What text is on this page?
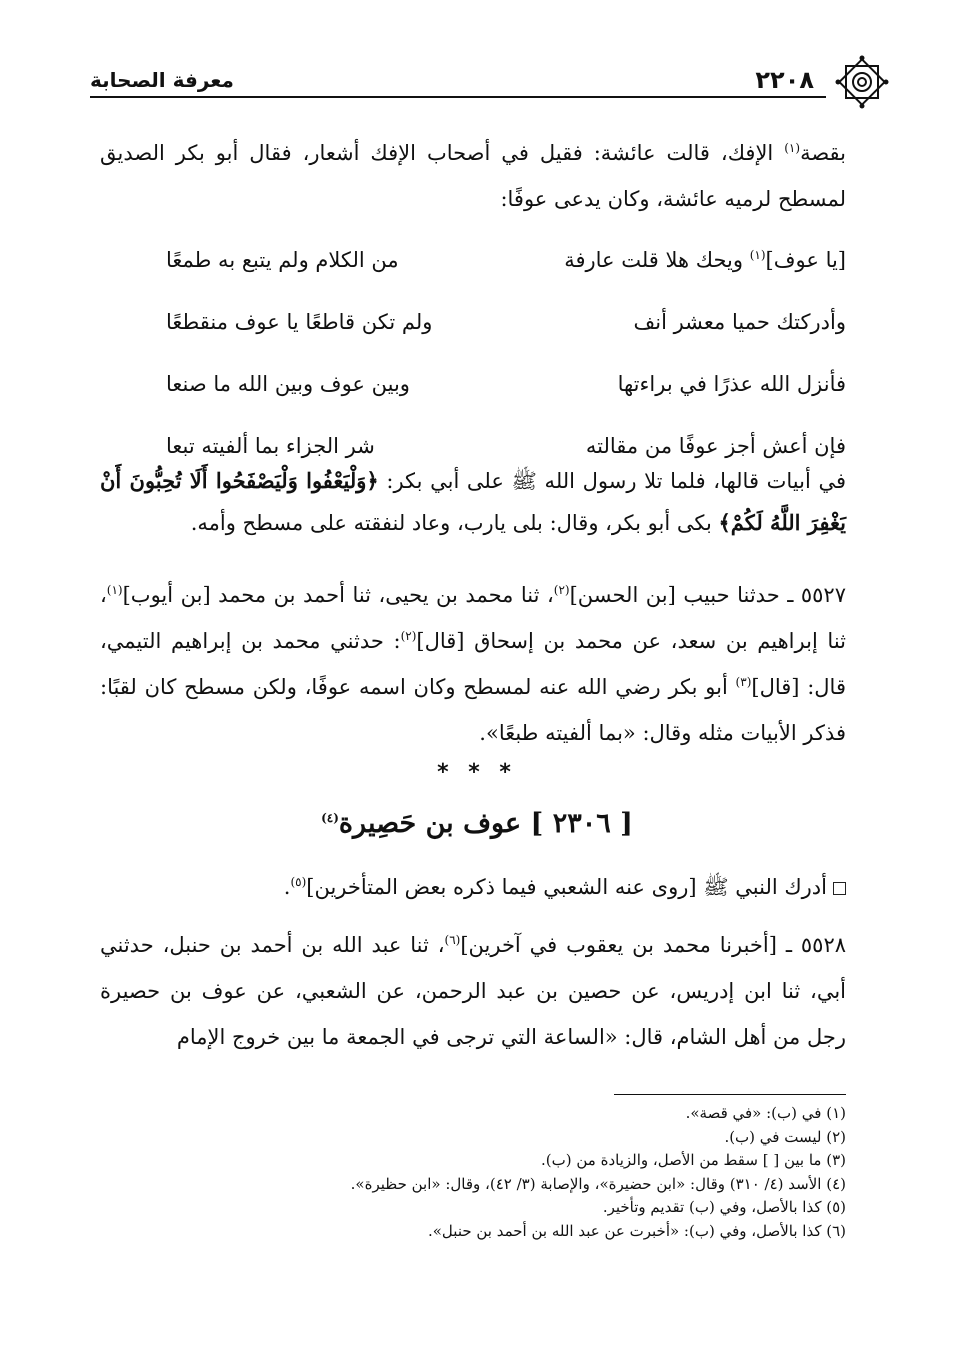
٢٢٠٨
معرفة الصحابة
بقصة$^{(١)}$ الإفك، قالت عائشة: فقيل في أصحاب الإفك أشعار، فقال أبو بكر الصديق لمسطح لرميه عائشة، وكان يدعى عوفًا:
[يا عوف]$^{(١)}$ ويحك هلا قلت عارفة
من الكلام ولم يتبع به طمعًا
وأدركتك حميا معشر أنف
ولم تكن قاطعًا يا عوف منقطعًا
فأنزل الله عذرًا في براءتها
وبين عوف وبين الله ما صنعا
فإن أعش أجز عوفًا من مقالته
شر الجزاء بما ألفيته تبعا
في أبيات قالها، فلما تلا رسول الله ﷺ على أبي بكر: ﴿وَلْيَعْفُوا وَلْيَصْفَحُوا أَلَا تُحِبُّونَ أَنْ يَغْفِرَ اللَّهُ لَكُمْ﴾ بكى أبو بكر، وقال: بلى يارب، وعاد لنفقته على مسطح وأمه.
٥٥٢٧ ـ حدثنا حبيب [بن الحسن]$^{(٢)}$، ثنا محمد بن يحيى، ثنا أحمد بن محمد [بن أيوب]$^{(١)}$، ثنا إبراهيم بن سعد، عن محمد بن إسحاق [قال]$^{(٢)}$: حدثني محمد بن إبراهيم التيمي، قال: [قال]$^{(٣)}$ أبو بكر رضي الله عنه لمسطح وكان اسمه عوفًا، ولكن مسطح كان لقبًا: فذكر الأبيات مثله وقال: «بما ألفيته طبعًا».
* * *
[ ٢٣٠٦ ] عوف بن حَصِيرة$^{(٤)}$
أدرك النبي ﷺ [روى عنه الشعبي فيما ذكره بعض المتأخرين]$^{(٥)}$.
٥٥٢٨ ـ [أخبرنا محمد بن يعقوب في آخرين]$^{(٦)}$، ثنا عبد الله بن أحمد بن حنبل، حدثني أبي، ثنا ابن إدريس، عن حصين بن عبد الرحمن، عن الشعبي، عن عوف بن حصيرة رجل من أهل الشام، قال: «الساعة التي ترجى في الجمعة ما بين خروج الإمام
(١) في (ب): «في قصة».
(٢) ليست في (ب).
(٣) ما بين [ ] سقط من الأصل، والزيادة من (ب).
(٤) الأسد (٤/ ٣١٠) وقال: «ابن حضيرة»، والإصابة (٣/ ٤٢)، وقال: «ابن حظيرة».
(٥) كذا بالأصل، وفي (ب) تقديم وتأخير.
(٦) كذا بالأصل، وفي (ب): «أخبرت عن عبد الله بن أحمد بن حنبل».
